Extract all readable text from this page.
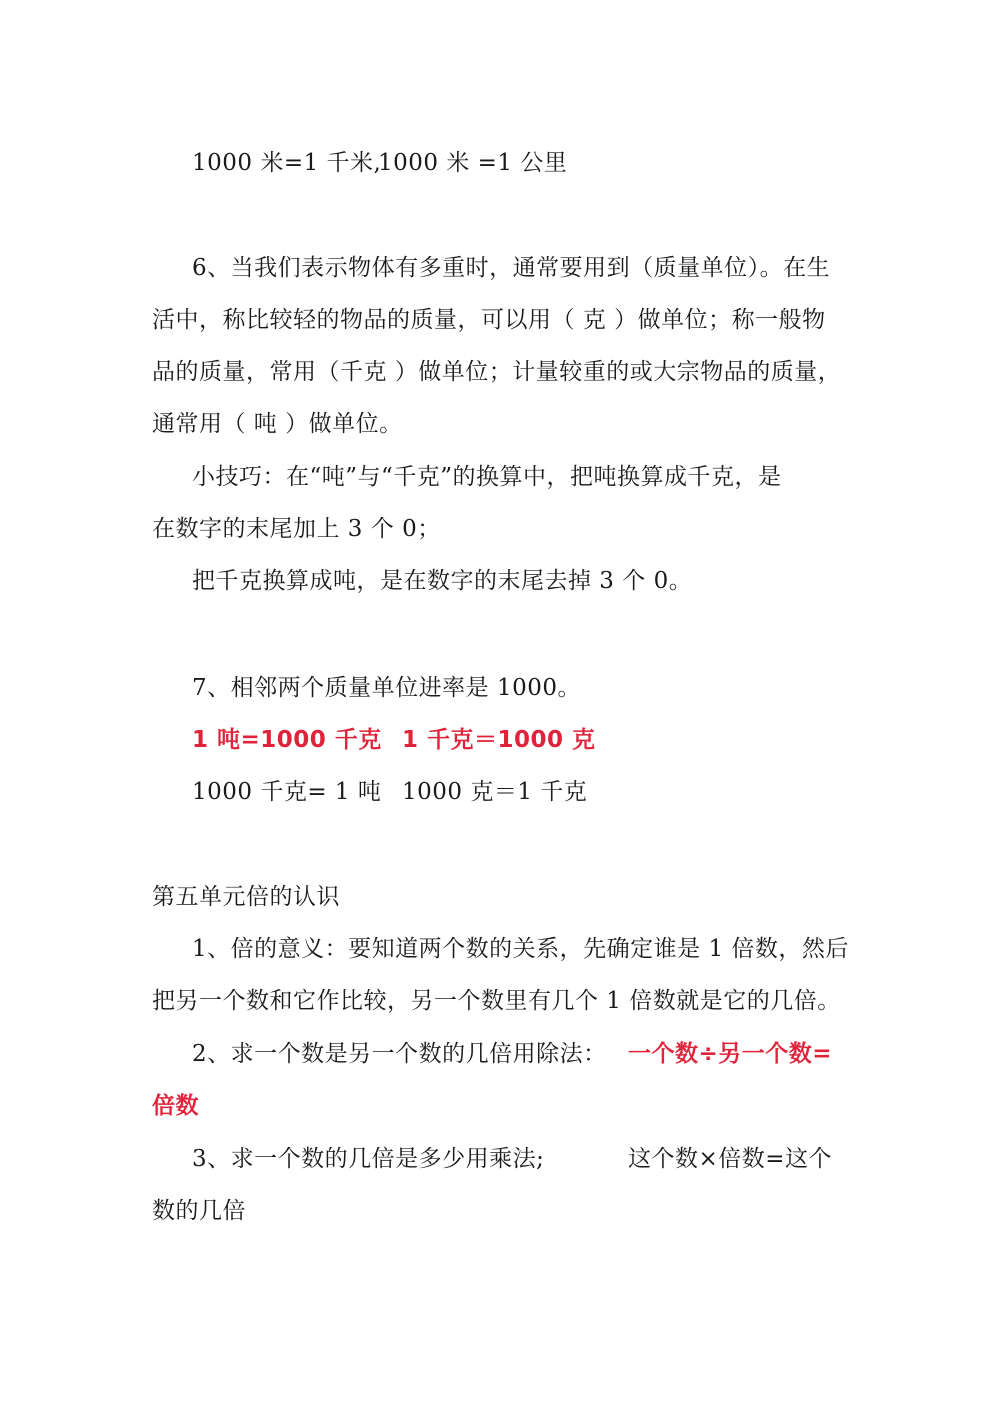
1000 米=1 千米,
1000 米 =1 公里
6、当我们表示物体有多重时，通常要用到（质量单位）。在生
活中，称比较轻的物品的质量，可以用（ 克 ）做单位；称一般物
品的质量，常用（千克 ）做单位；计量较重的或大宗物品的质量，
通常用（ 吨 ）做单位。
小技巧：在“吨”与“千克”的换算中，把吨换算成千克，是
在数字的末尾加上 3 个 0；
把千克换算成吨，是在数字的末尾去掉 3 个 0。
7、相邻两个质量单位进率是 1000。
1 吨=1000 千克 1 千克＝1000 克
1000 千克= 1 吨 1000 克＝1 千克
第五单元倍的认识
1、倍的意义：要知道两个数的关系，先确定谁是 1 倍数，然后
把另一个数和它作比较，另一个数里有几个 1 倍数就是它的几倍。
2、求一个数是另一个数的几倍用除法： 一个数÷另一个数=
倍数
3、求一个数的几倍是多少用乘法;	这个数×倍数=这个
数的几倍
